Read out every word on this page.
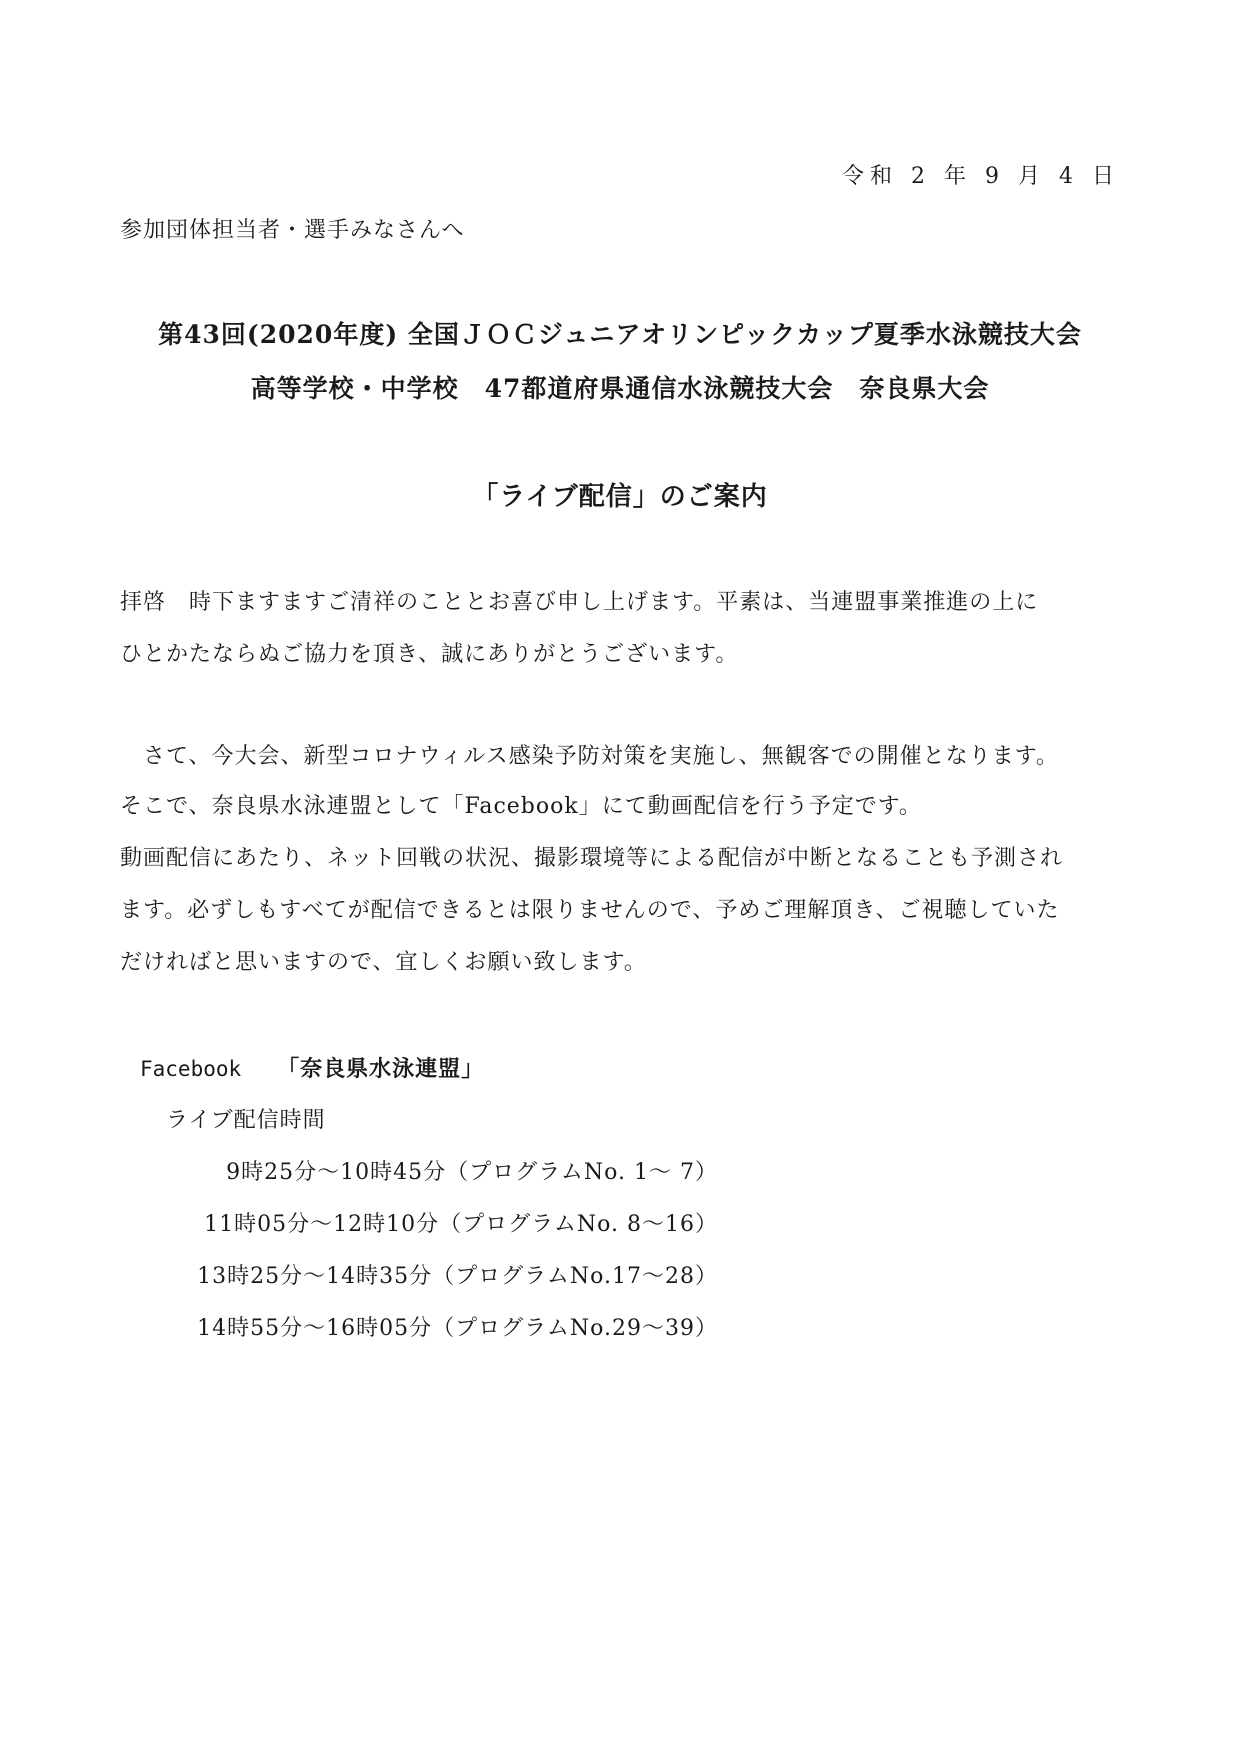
令和 2 年 9 月 4 日
参加団体担当者・選手みなさんへ
第43回(2020年度) 全国ＪＯＣジュニアオリンピックカップ夏季水泳競技大会
高等学校・中学校　47都道府県通信水泳競技大会　奈良県大会
「ライブ配信」のご案内
拝啓　時下ますますご清祥のこととお喜び申し上げます。平素は、当連盟事業推進の上に
ひとかたならぬご協力を頂き、誠にありがとうございます。
　さて、今大会、新型コロナウィルス感染予防対策を実施し、無観客での開催となります。
そこで、奈良県水泳連盟として「Facebook」にて動画配信を行う予定です。
動画配信にあたり、ネット回戦の状況、撮影環境等による配信が中断となることも予測され
ます。必ずしもすべてが配信できるとは限りませんので、予めご理解頂き、ご視聴していた
だければと思いますので、宜しくお願い致します。
Facebook 「奈良県水泳連盟」
ライブ配信時間
9時25分～10時45分（プログラムNo. 1～ 7）
11時05分～12時10分（プログラムNo. 8～16）
13時25分～14時35分（プログラムNo.17～28）
14時55分～16時05分（プログラムNo.29～39）
